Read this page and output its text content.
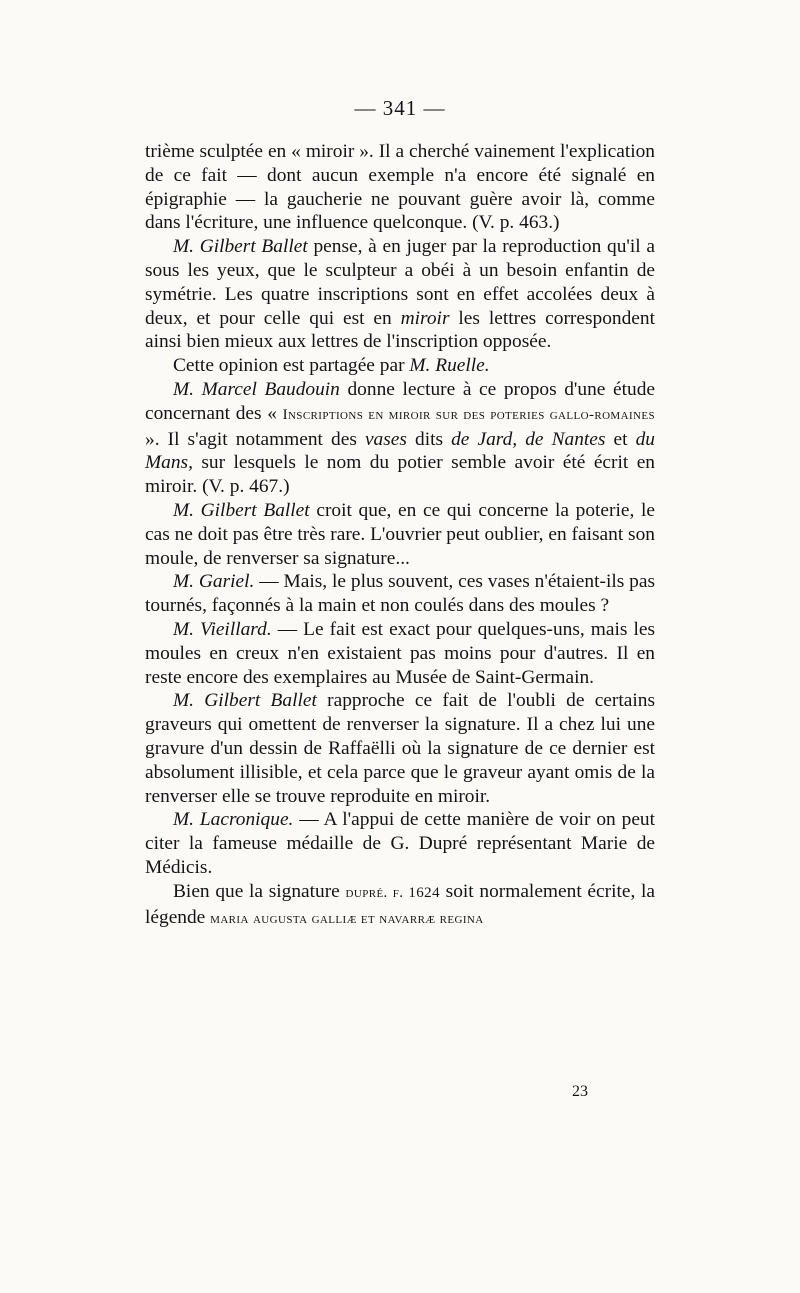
— 341 —

trième sculptée en « miroir ». Il a cherché vainement l'explication de ce fait — dont aucun exemple n'a encore été signalé en épigraphie — la gaucherie ne pouvant guère avoir là, comme dans l'écriture, une influence quelconque. (V. p. 463.)

M. Gilbert Ballet pense, à en juger par la reproduction qu'il a sous les yeux, que le sculpteur a obéi à un besoin enfantin de symétrie. Les quatre inscriptions sont en effet accolées deux à deux, et pour celle qui est en miroir les lettres correspondent ainsi bien mieux aux lettres de l'inscription opposée.

Cette opinion est partagée par M. Ruelle.

M. Marcel Baudouin donne lecture à ce propos d'une étude concernant des « Inscriptions en miroir sur des poteries gallo-romaines ». Il s'agit notamment des vases dits de Jard, de Nantes et du Mans, sur lesquels le nom du potier semble avoir été écrit en miroir. (V. p. 467.)

M. Gilbert Ballet croit que, en ce qui concerne la poterie, le cas ne doit pas être très rare. L'ouvrier peut oublier, en faisant son moule, de renverser sa signature...

M. Gariel. — Mais, le plus souvent, ces vases n'étaient-ils pas tournés, façonnés à la main et non coulés dans des moules ?

M. Vieillard. — Le fait est exact pour quelques-uns, mais les moules en creux n'en existaient pas moins pour d'autres. Il en reste encore des exemplaires au Musée de Saint-Germain.

M. Gilbert Ballet rapproche ce fait de l'oubli de certains graveurs qui omettent de renverser la signature. Il a chez lui une gravure d'un dessin de Raffaëlli où la signature de ce dernier est absolument illisible, et cela parce que le graveur ayant omis de la renverser elle se trouve reproduite en miroir.

M. Lacronique. — A l'appui de cette manière de voir on peut citer la fameuse médaille de G. Dupré représentant Marie de Médicis.

Bien que la signature dupré. f. 1624 soit normalement écrite, la légende maria augusta galliæ et navarræ regina

23
